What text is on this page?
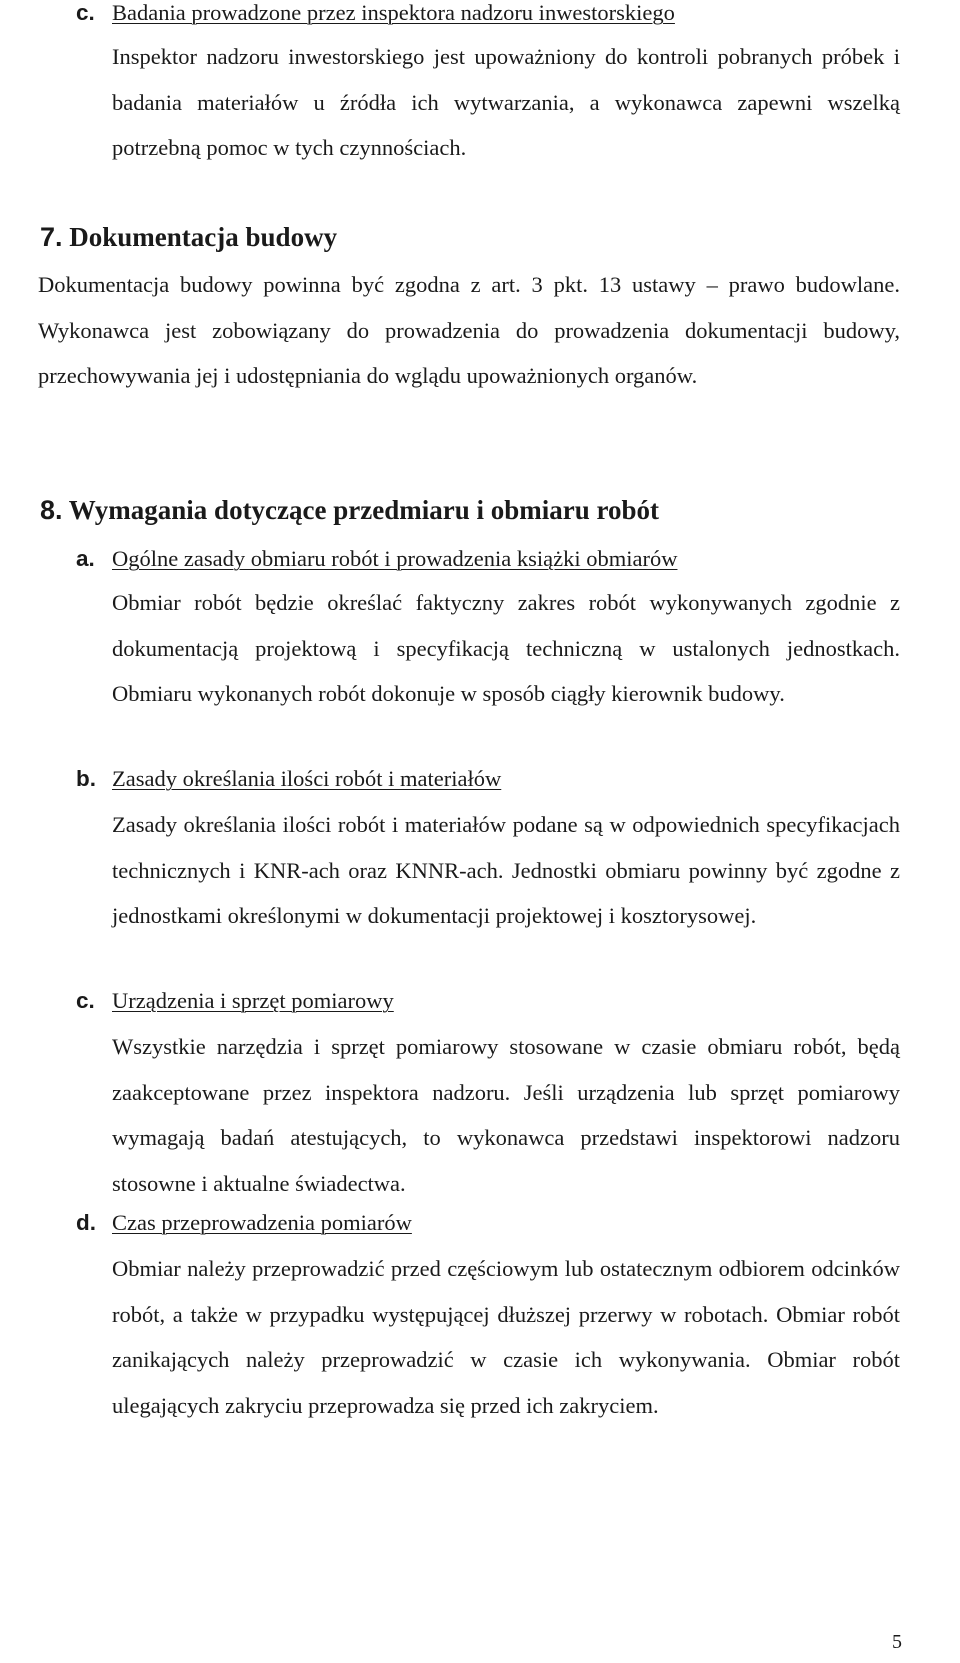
c. Badania prowadzone przez inspektora nadzoru inwestorskiego
Inspektor nadzoru inwestorskiego jest upoważniony do kontroli pobranych próbek i badania materiałów u źródła ich wytwarzania, a wykonawca zapewni wszelką potrzebną pomoc w tych czynnościach.
7. Dokumentacja budowy
Dokumentacja budowy powinna być zgodna z art. 3 pkt. 13 ustawy – prawo budowlane. Wykonawca jest zobowiązany do prowadzenia do prowadzenia dokumentacji budowy, przechowywania jej i udostępniania do wglądu upoważnionych organów.
8. Wymagania dotyczące przedmiaru i obmiaru robót
a. Ogólne zasady obmiaru robót i prowadzenia książki obmiarów
Obmiar robót będzie określać faktyczny zakres robót wykonywanych zgodnie z dokumentacją projektową i specyfikacją techniczną w ustalonych jednostkach. Obmiaru wykonanych robót dokonuje w sposób ciągły kierownik budowy.
b. Zasady określania ilości robót i materiałów
Zasady określania ilości robót i materiałów podane są w odpowiednich specyfikacjach technicznych i KNR-ach oraz KNNR-ach. Jednostki obmiaru powinny być zgodne z jednostkami określonymi w dokumentacji projektowej i kosztorysowej.
c. Urządzenia i sprzęt pomiarowy
Wszystkie narzędzia i sprzęt pomiarowy stosowane w czasie obmiaru robót, będą zaakceptowane przez inspektora nadzoru. Jeśli urządzenia lub sprzęt pomiarowy wymagają badań atestujących, to wykonawca przedstawi inspektorowi nadzoru stosowne i aktualne świadectwa.
d. Czas przeprowadzenia pomiarów
Obmiar należy przeprowadzić przed częściowym lub ostatecznym odbiorem odcinków robót, a także w przypadku występującej dłuższej przerwy w robotach. Obmiar robót zanikających należy przeprowadzić w czasie ich wykonywania. Obmiar robót ulegających zakryciu przeprowadza się przed ich zakryciem.
5
